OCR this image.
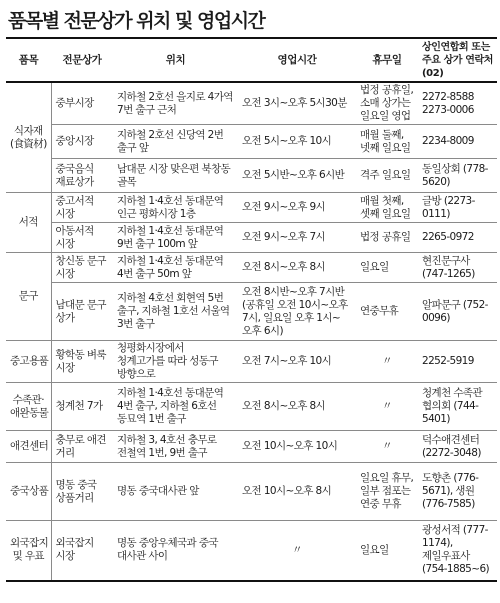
품목별 전문상가 위치 및 영업시간
품목	전문상가	위치	영업시간	휴무일	상인연합회 또는 주요 상가 연락처(02)
식자재(食資材)	중부시장	지하철 2호선 을지로 4가역 7번 출구 근처	오전 3시~오후 5시30분	법정 공휴일, 소매 상가는 일요일 영업	2272-8588 2273-0006
	중앙시장	지하철 2호선 신당역 2번 출구 앞	오전 5시~오후 10시	매월 둘째, 넷째 일요일	2234-8009
	중국음식 재료상가	남대문 시장 맞은편 북창동 골목	오전 5시반~오후 6시반	격주 일요일	동일상회 (778-5620)
서적	중고서적 시장	지하철 1·4호선 동대문역 인근 평화시장 1층	오전 9시~오후 9시	매월 첫째, 셋째 일요일	글방 (2273-0111)
	아동서적 시장	지하철 1·4호선 동대문역 9번 출구 100m 앞	오전 9시~오후 7시	법정 공휴일	2265-0972
문구	창신동 문구 시장	지하철 1·4호선 동대문역 4번 출구 50m 앞	오전 8시~오후 8시	일요일	현진문구사 (747-1265)
	남대문 문구 상가	지하철 4호선 회현역 5번 출구, 지하철 1호선 서울역 3번 출구	오전 8시반~오후 7시반 (공휴일 오전 10시~오후 7시, 일요일 오후 1시~오후 6시)	연중무휴	알파문구 (752-0096)
중고용품	황학동 벼룩 시장	청평화시장에서 청계고가를 따라 성동구 방향으로	오전 7시~오후 10시	〃	2252-5919
수족관·애완동물	청계천 7가	지하철 1·4호선 동대문역 4번 출구, 지하철 6호선 동묘역 1번 출구	오전 8시~오후 8시	〃	청계천 수족관 협의회 (744-5401)
애견센터	충무로 애견 거리	지하철 3, 4호선 충무로 전철역 1번, 9번 출구	오전 10시~오후 10시	〃	덕수애견센터 (2272-3048)
중국상품	명동 중국 상품거리	명동 중국대사관 앞	오전 10시~오후 8시	일요일 휴무, 일부 점포는 연중 무휴	도향촌 (776-5671), 생원 (776-7585)
외국잡지 및 우표	외국잡지 시장	명동 중앙우체국과 중국 대사관 사이	〃	일요일	광성서적 (777-1174), 제일우표사 (754-1885~6)
